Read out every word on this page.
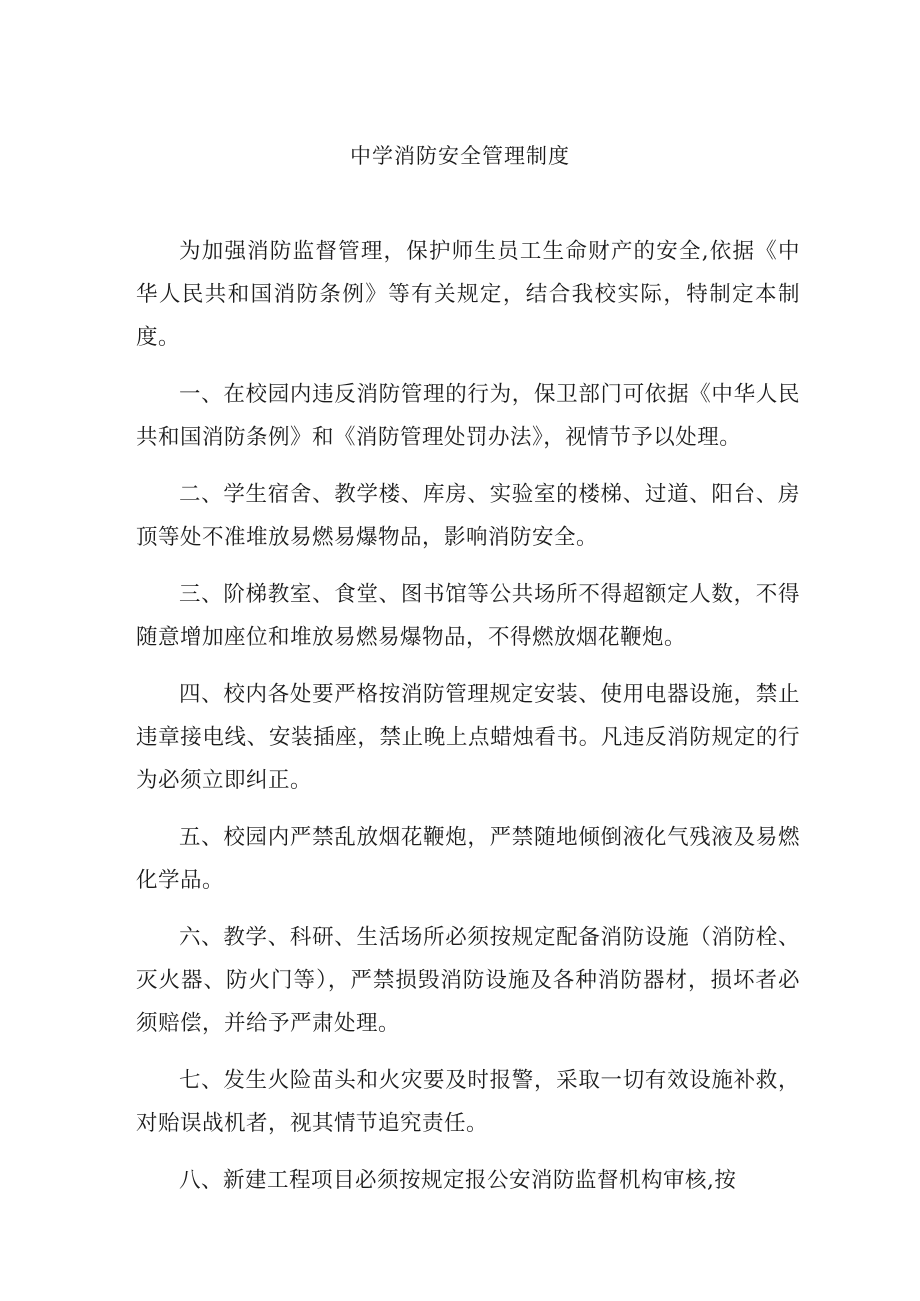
中学消防安全管理制度

为加强消防监督管理，保护师生员工生命财产的安全,依据《中华人民共和国消防条例》等有关规定，结合我校实际，特制定本制度。

一、在校园内违反消防管理的行为，保卫部门可依据《中华人民共和国消防条例》和《消防管理处罚办法》，视情节予以处理。

二、学生宿舍、教学楼、库房、实验室的楼梯、过道、阳台、房顶等处不准堆放易燃易爆物品，影响消防安全。

三、阶梯教室、食堂、图书馆等公共场所不得超额定人数，不得随意增加座位和堆放易燃易爆物品，不得燃放烟花鞭炮。

四、校内各处要严格按消防管理规定安装、使用电器设施，禁止违章接电线、安装插座，禁止晚上点蜡烛看书。凡违反消防规定的行为必须立即纠正。

五、校园内严禁乱放烟花鞭炮，严禁随地倾倒液化气残液及易燃化学品。

六、教学、科研、生活场所必须按规定配备消防设施（消防栓、灭火器、防火门等），严禁损毁消防设施及各种消防器材，损坏者必须赔偿，并给予严肃处理。

七、发生火险苗头和火灾要及时报警，采取一切有效设施补救，对贻误战机者，视其情节追究责任。

八、新建工程项目必须按规定报公安消防监督机构审核,按
